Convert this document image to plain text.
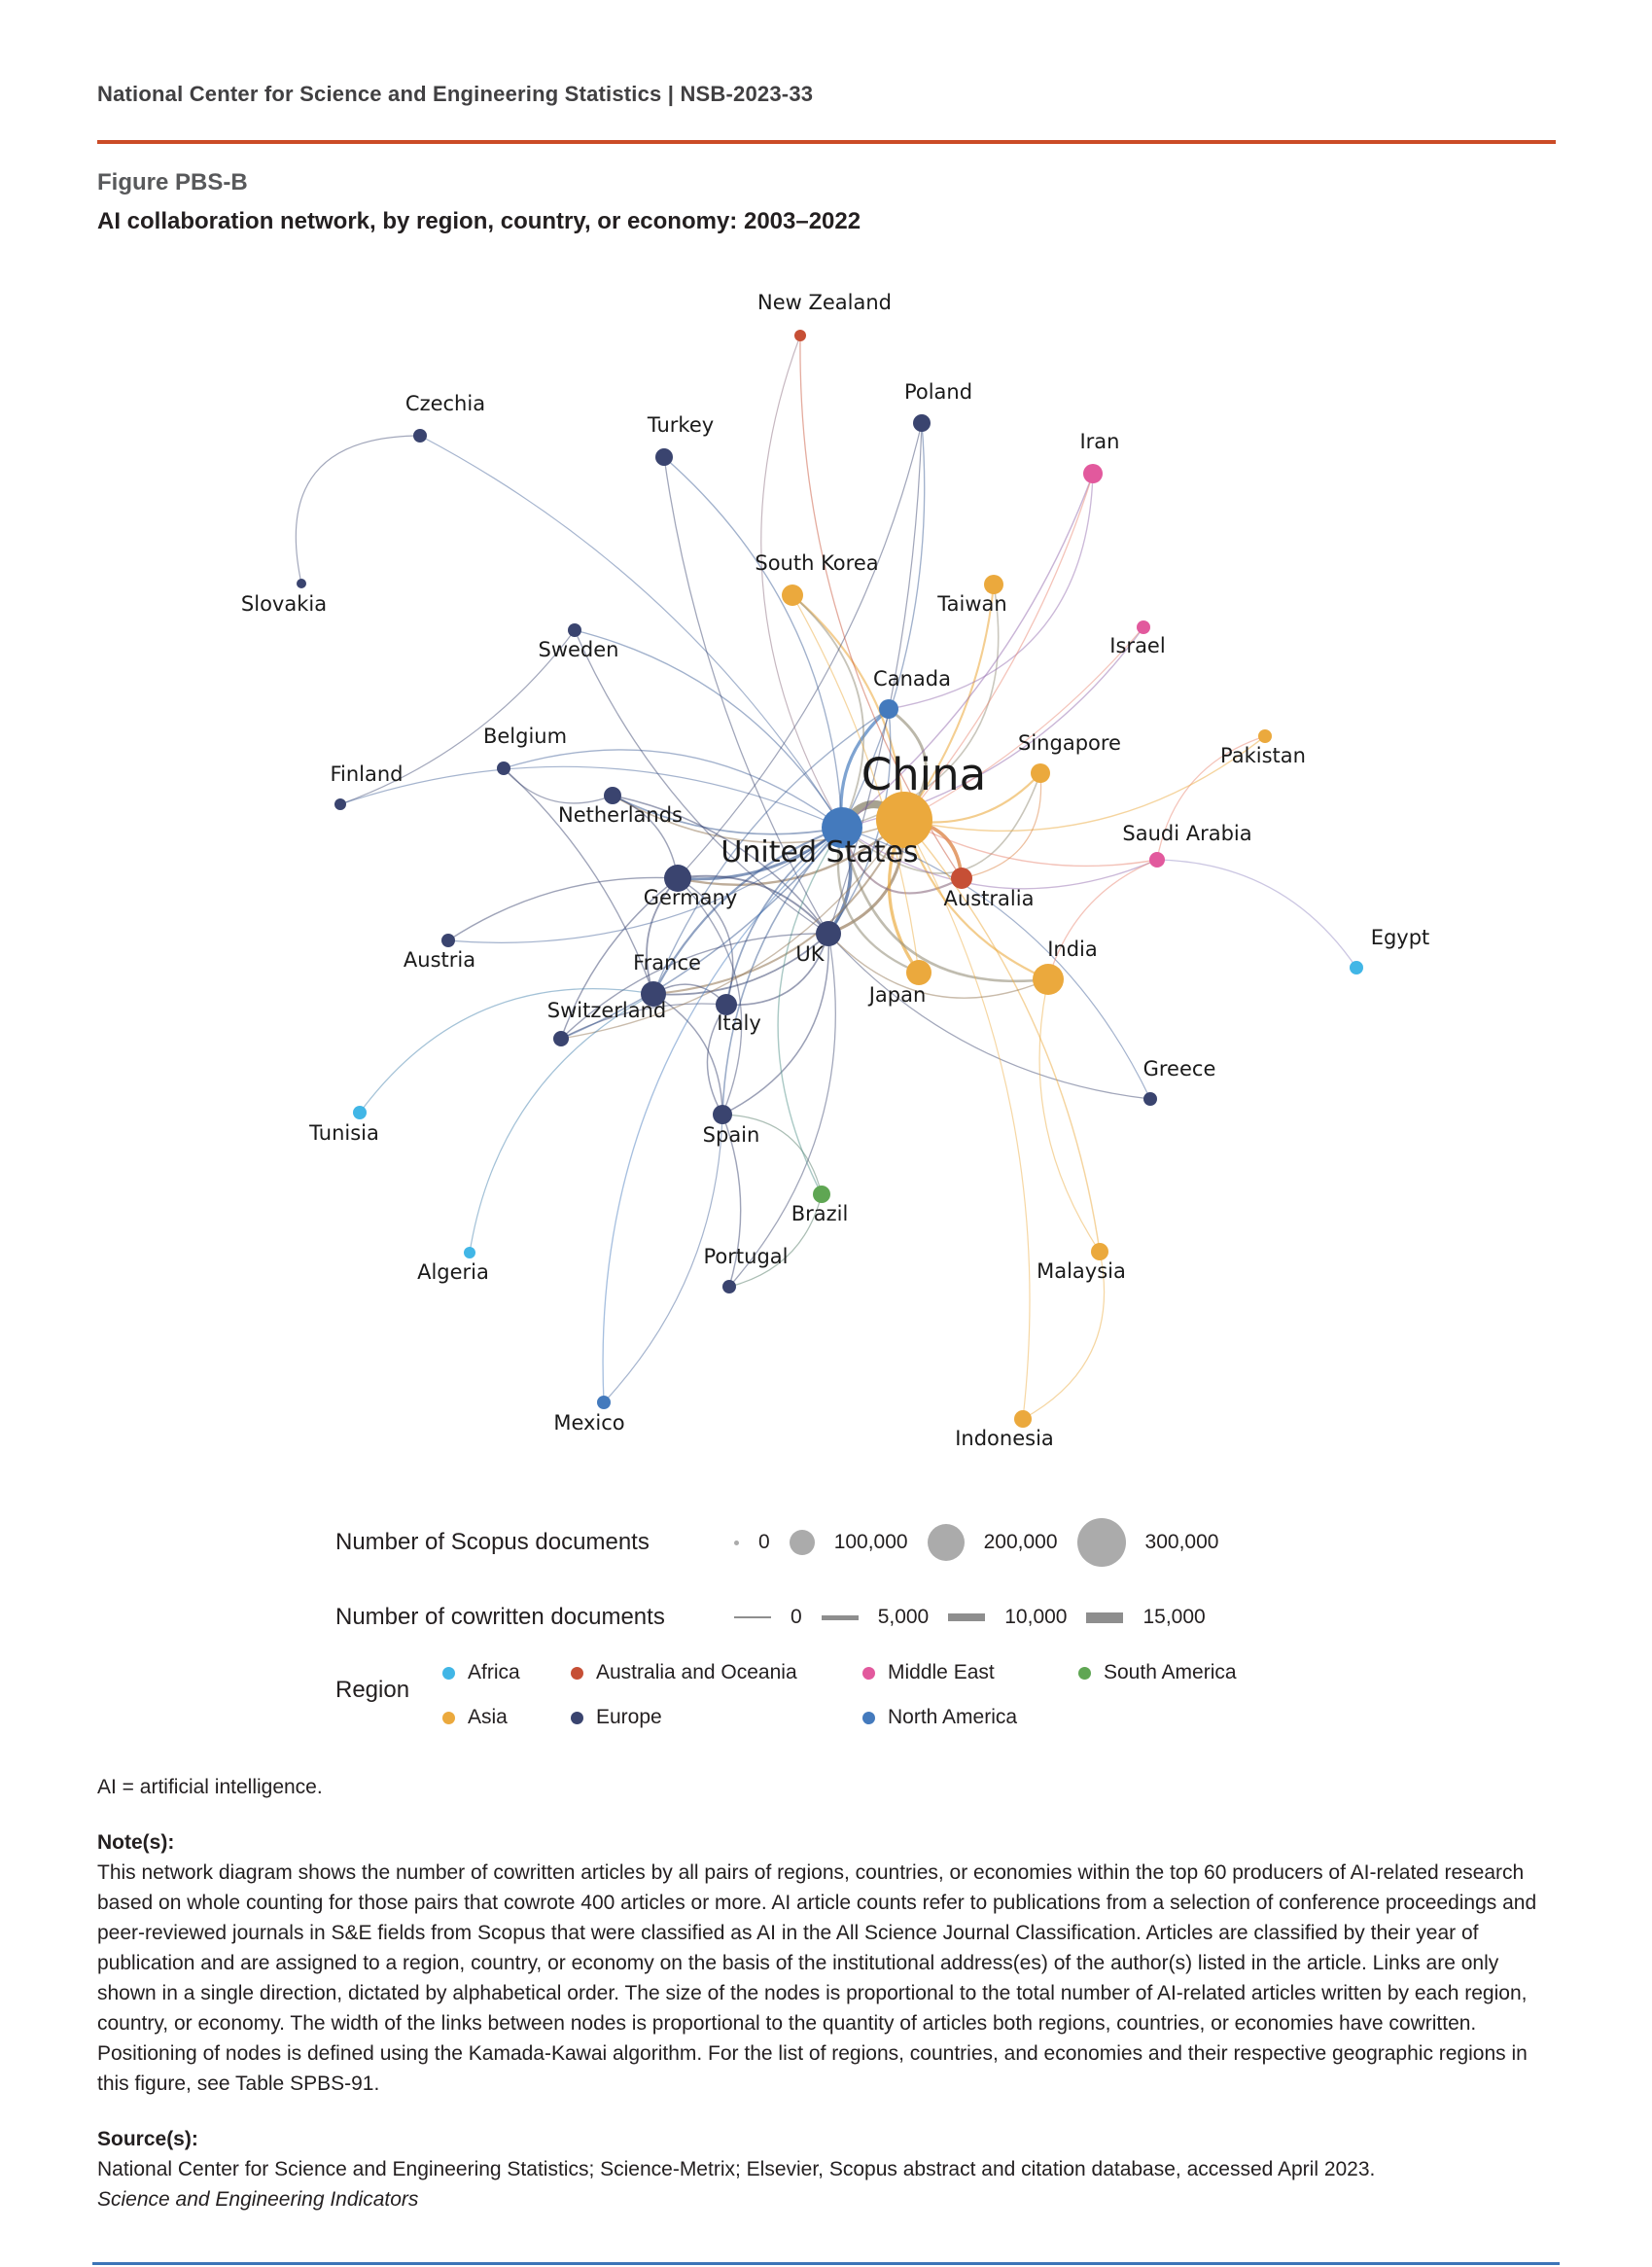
National Center for Science and Engineering Statistics | NSB-2023-33
Figure PBS-B
AI collaboration network, by region, country, or economy: 2003–2022
New Zealand
Czechia
Turkey
Poland
Iran
South Korea
Taiwan
Israel
Slovakia
Sweden
Canada
Belgium	Singapore
Pakistan
China
Finland
Netherlands
United States
Saudi Arabia
Germany	Australia
Austria	UK	India	Egypt
France
Japan
Switzerland
Italy
Greece
Tunisia	Spain
Brazil
Portugal
Algeria	Malaysia
Mexico
Indonesia
Number of Scopus documents	0	100,000	200,000	300,000
Number of cowritten documents	0	5,000	10,000	15,000
Region
Africa	Australia and Oceania	Middle East	South America
Asia	Europe	North America

AI = artificial intelligence.

Note(s):

This network diagram shows the number of cowritten articles by all pairs of regions, countries, or economies within the top 60 producers of AI-related research based on whole counting for those pairs that cowrote 400 articles or more. AI article counts refer to publications from a selection of conference proceedings and peer-reviewed journals in S&E fields from Scopus that were classified as AI in the All Science Journal Classification. Articles are classified by their year of publication and are assigned to a region, country, or economy on the basis of the institutional address(es) of the author(s) listed in the article. Links are only shown in a single direction, dictated by alphabetical order. The size of the nodes is proportional to the total number of AI-related articles written by each region, country, or economy. The width of the links between nodes is proportional to the quantity of articles both regions, countries, or economies have cowritten. Positioning of nodes is defined using the Kamada-Kawai algorithm. For the list of regions, countries, and economies and their respective geographic regions in this figure, see Table SPBS-91.

Source(s):

National Center for Science and Engineering Statistics; Science-Metrix; Elsevier, Scopus abstract and citation database, accessed April 2023.

Science and Engineering Indicators
